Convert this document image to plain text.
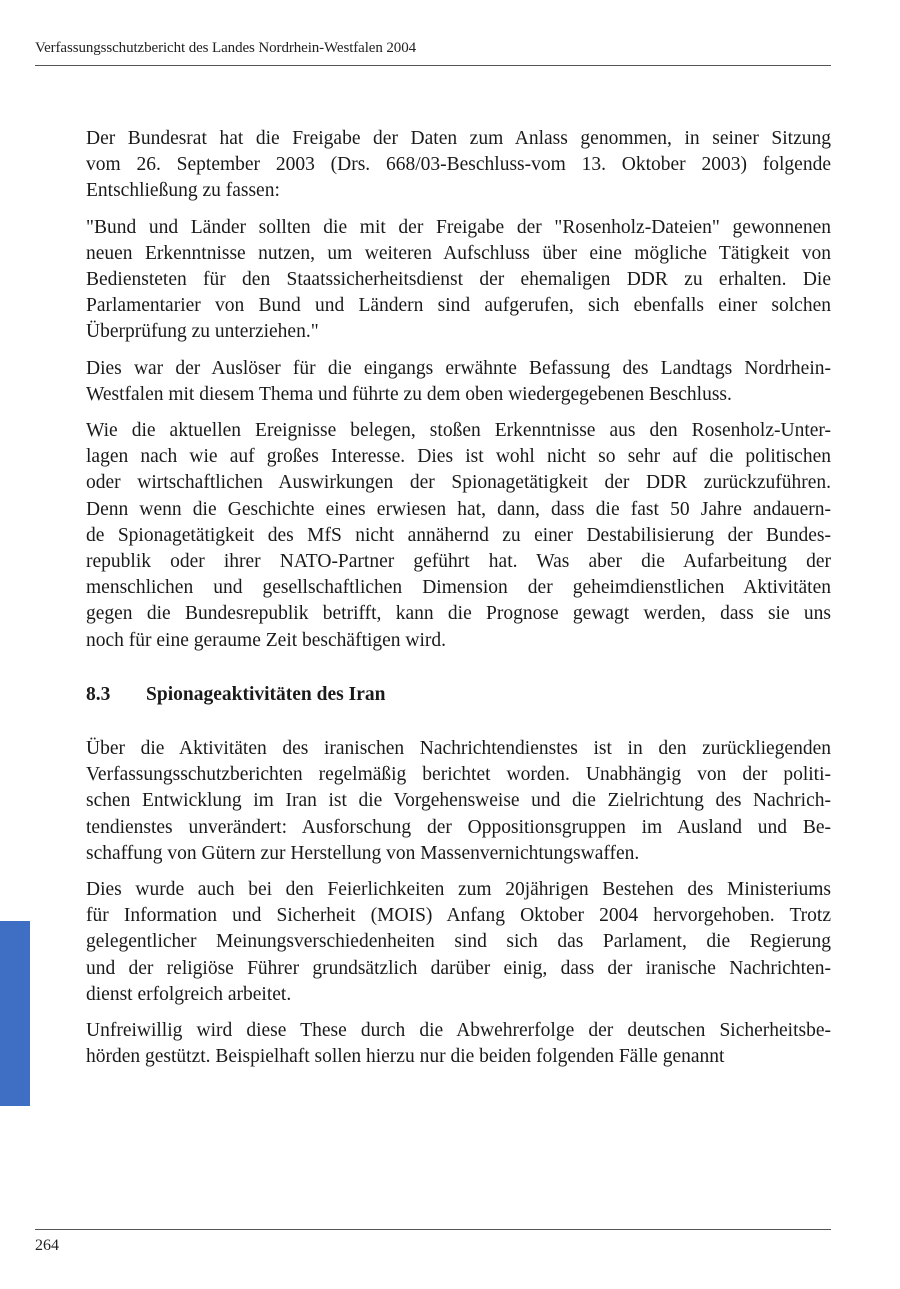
Verfassungsschutzbericht des Landes Nordrhein-Westfalen 2004

Der Bundesrat hat die Freigabe der Daten zum Anlass genommen, in seiner Sitzung
vom 26. September 2003 (Drs. 668/03-Beschluss-vom 13. Oktober 2003) folgende
Entschließung zu fassen:

"Bund und Länder sollten die mit der Freigabe der "Rosenholz-Dateien" gewonnenen
neuen Erkenntnisse nutzen, um weiteren Aufschluss über eine mögliche Tätigkeit von
Bediensteten für den Staatssicherheitsdienst der ehemaligen DDR zu erhalten. Die
Parlamentarier von Bund und Ländern sind aufgerufen, sich ebenfalls einer solchen
Überprüfung zu unterziehen."

Dies war der Auslöser für die eingangs erwähnte Befassung des Landtags Nordrhein-
Westfalen mit diesem Thema und führte zu dem oben wiedergegebenen Beschluss.

Wie die aktuellen Ereignisse belegen, stoßen Erkenntnisse aus den Rosenholz-Unter-
lagen nach wie auf großes Interesse. Dies ist wohl nicht so sehr auf die politischen
oder wirtschaftlichen Auswirkungen der Spionagetätigkeit der DDR zurückzuführen.
Denn wenn die Geschichte eines erwiesen hat, dann, dass die fast 50 Jahre andauern-
de Spionagetätigkeit des MfS nicht annähernd zu einer Destabilisierung der Bundes-
republik oder ihrer NATO-Partner geführt hat. Was aber die Aufarbeitung der
menschlichen und gesellschaftlichen Dimension der geheimdienstlichen Aktivitäten
gegen die Bundesrepublik betrifft, kann die Prognose gewagt werden, dass sie uns
noch für eine geraume Zeit beschäftigen wird.

8.3 Spionageaktivitäten des Iran

Über die Aktivitäten des iranischen Nachrichtendienstes ist in den zurückliegenden
Verfassungsschutzberichten regelmäßig berichtet worden. Unabhängig von der politi-
schen Entwicklung im Iran ist die Vorgehensweise und die Zielrichtung des Nachrich-
tendienstes unverändert: Ausforschung der Oppositionsgruppen im Ausland und Be-
schaffung von Gütern zur Herstellung von Massenvernichtungswaffen.

Dies wurde auch bei den Feierlichkeiten zum 20jährigen Bestehen des Ministeriums
für Information und Sicherheit (MOIS) Anfang Oktober 2004 hervorgehoben. Trotz
gelegentlicher Meinungsverschiedenheiten sind sich das Parlament, die Regierung
und der religiöse Führer grundsätzlich darüber einig, dass der iranische Nachrichten-
dienst erfolgreich arbeitet.

Unfreiwillig wird diese These durch die Abwehrerfolge der deutschen Sicherheitsbe-
hörden gestützt. Beispielhaft sollen hierzu nur die beiden folgenden Fälle genannt

264
